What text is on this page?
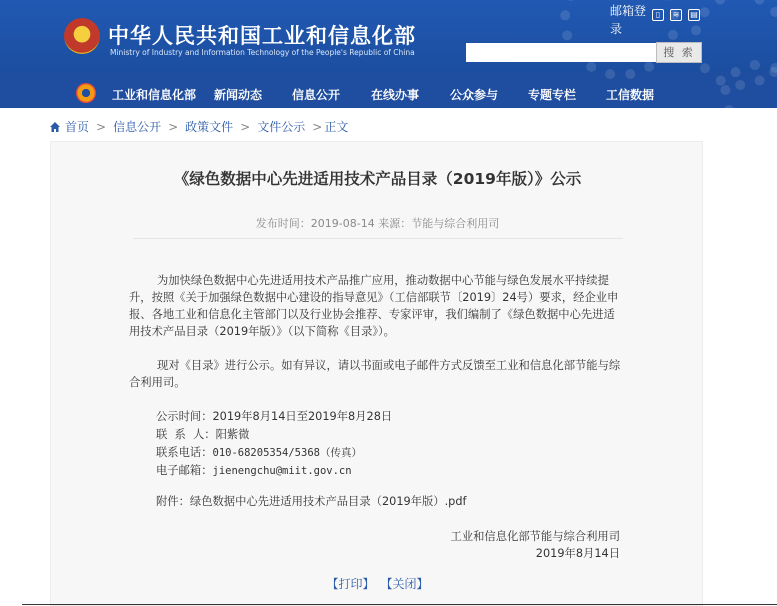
中华人民共和国工业和信息化部
Ministry of Industry and Information Technology of the People's Republic of China
邮箱登 ▯ ≋ ▤
录
搜 索
工业和信息化部 新闻动态 信息公开	在线办事	公众参与 专题专栏 工信数据
首页 > 信息公开 > 政策文件 > 文件公示 > 正文
《绿色数据中心先进适用技术产品目录（2019年版）》公示
发布时间：2019-08-14 来源：节能与综合利用司
为加快绿色数据中心先进适用技术产品推广应用，推动数据中心节能与绿色发展水平持续提升，按照《关于加强绿色数据中心建设的指导意见》（工信部联节〔2019〕24号）要求，经企业申报、各地工业和信息化主管部门以及行业协会推荐、专家评审，我们编制了《绿色数据中心先进适用技术产品目录（2019年版）》（以下简称《目录》）。
现对《目录》进行公示。如有异议，请以书面或电子邮件方式反馈至工业和信息化部节能与综合利用司。
公示时间：2019年8月14日至2019年8月28日
联  系  人：阳紫微
联系电话：010-68205354/5368（传真）
电子邮箱：jienengchu@miit.gov.cn
附件：绿色数据中心先进适用技术产品目录（2019年版）.pdf
工业和信息化部节能与综合利用司
2019年8月14日
【打印】 【关闭】
